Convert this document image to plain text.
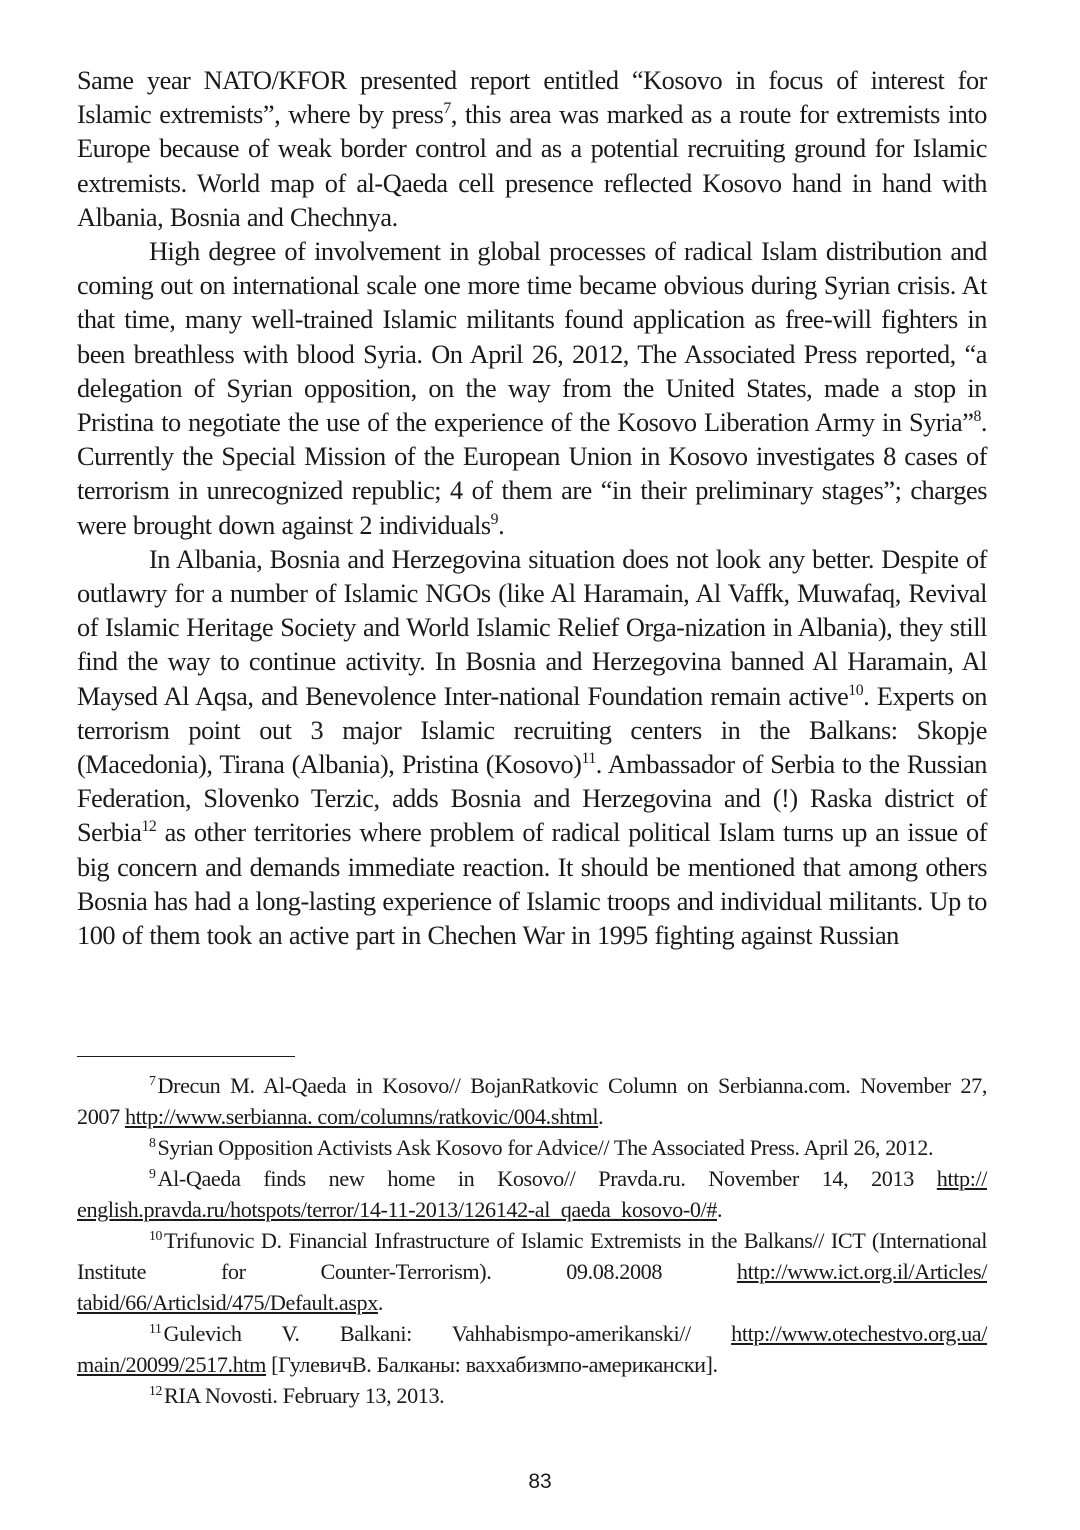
Same year NATO/KFOR presented report entitled “Kosovo in focus of interest for Islamic extremists”, where by press$^7$, this area was marked as a route for extremists into Europe because of weak border control and as a potential recruiting ground for Islamic extremists. World map of al-Qaeda cell presence reflected Kosovo hand in hand with Albania, Bosnia and Chechnya.

High degree of involvement in global processes of radical Islam distribution and coming out on international scale one more time became obvious during Syrian crisis. At that time, many well-trained Islamic militants found application as free-will fighters in been breathless with blood Syria. On April 26, 2012, The Associated Press reported, “a delegation of Syrian opposition, on the way from the United States, made a stop in Pristina to negotiate the use of the experience of the Kosovo Liberation Army in Syria”$^8$. Currently the Special Mission of the European Union in Kosovo investigates 8 cases of terrorism in unrecognized republic; 4 of them are “in their preliminary stages”; charges were brought down against 2 individuals$^9$.

In Albania, Bosnia and Herzegovina situation does not look any better. Despite of outlawry for a number of Islamic NGOs (like Al Haramain, Al Vaffk, Muwafaq, Revival of Islamic Heritage Society and World Islamic Relief Orga-nization in Albania), they still find the way to continue activity. In Bosnia and Herzegovina banned Al Haramain, Al Maysed Al Aqsa, and Benevolence Inter-national Foundation remain active$^{10}$. Experts on terrorism point out 3 major Islamic recruiting centers in the Balkans: Skopje (Macedonia), Tirana (Albania), Pristina (Kosovo)$^{11}$. Ambassador of Serbia to the Russian Federation, Slovenko Terzic, adds Bosnia and Herzegovina and (!) Raska district of Serbia$^{12}$ as other territories where problem of radical political Islam turns up an issue of big concern and demands immediate reaction. It should be mentioned that among others Bosnia has had a long-lasting experience of Islamic troops and individual militants. Up to 100 of them took an active part in Chechen War in 1995 fighting against Russian

$^7$Drecun M. Al-Qaeda in Kosovo// BojanRatkovic Column on Serbianna.com. November 27, 2007 http://www.serbianna. com/columns/ratkovic/004.shtml.

$^8$Syrian Opposition Activists Ask Kosovo for Advice// The Associated Press. April 26, 2012.

$^9$Al-Qaeda finds new home in Kosovo// Pravda.ru. November 14, 2013 http:// english.pravda.ru/hotspots/terror/14-11-2013/126142-al_qaeda_kosovo-0/#.

$^{10}$Trifunovic D. Financial Infrastructure of Islamic Extremists in the Balkans// ICT (International Institute for Counter-Terrorism). 09.08.2008 http://www.ict.org.il/Articles/ tabid/66/Articlsid/475/Default.aspx.

$^{11}$Gulevich V. Balkani: Vahhabismpo-amerikanski// http://www.otechestvo.org.ua/ main/20099/2517.htm [ГулевичВ. Балканы: ваххабизмпо-американски].

$^{12}$RIA Novosti. February 13, 2013.

83
